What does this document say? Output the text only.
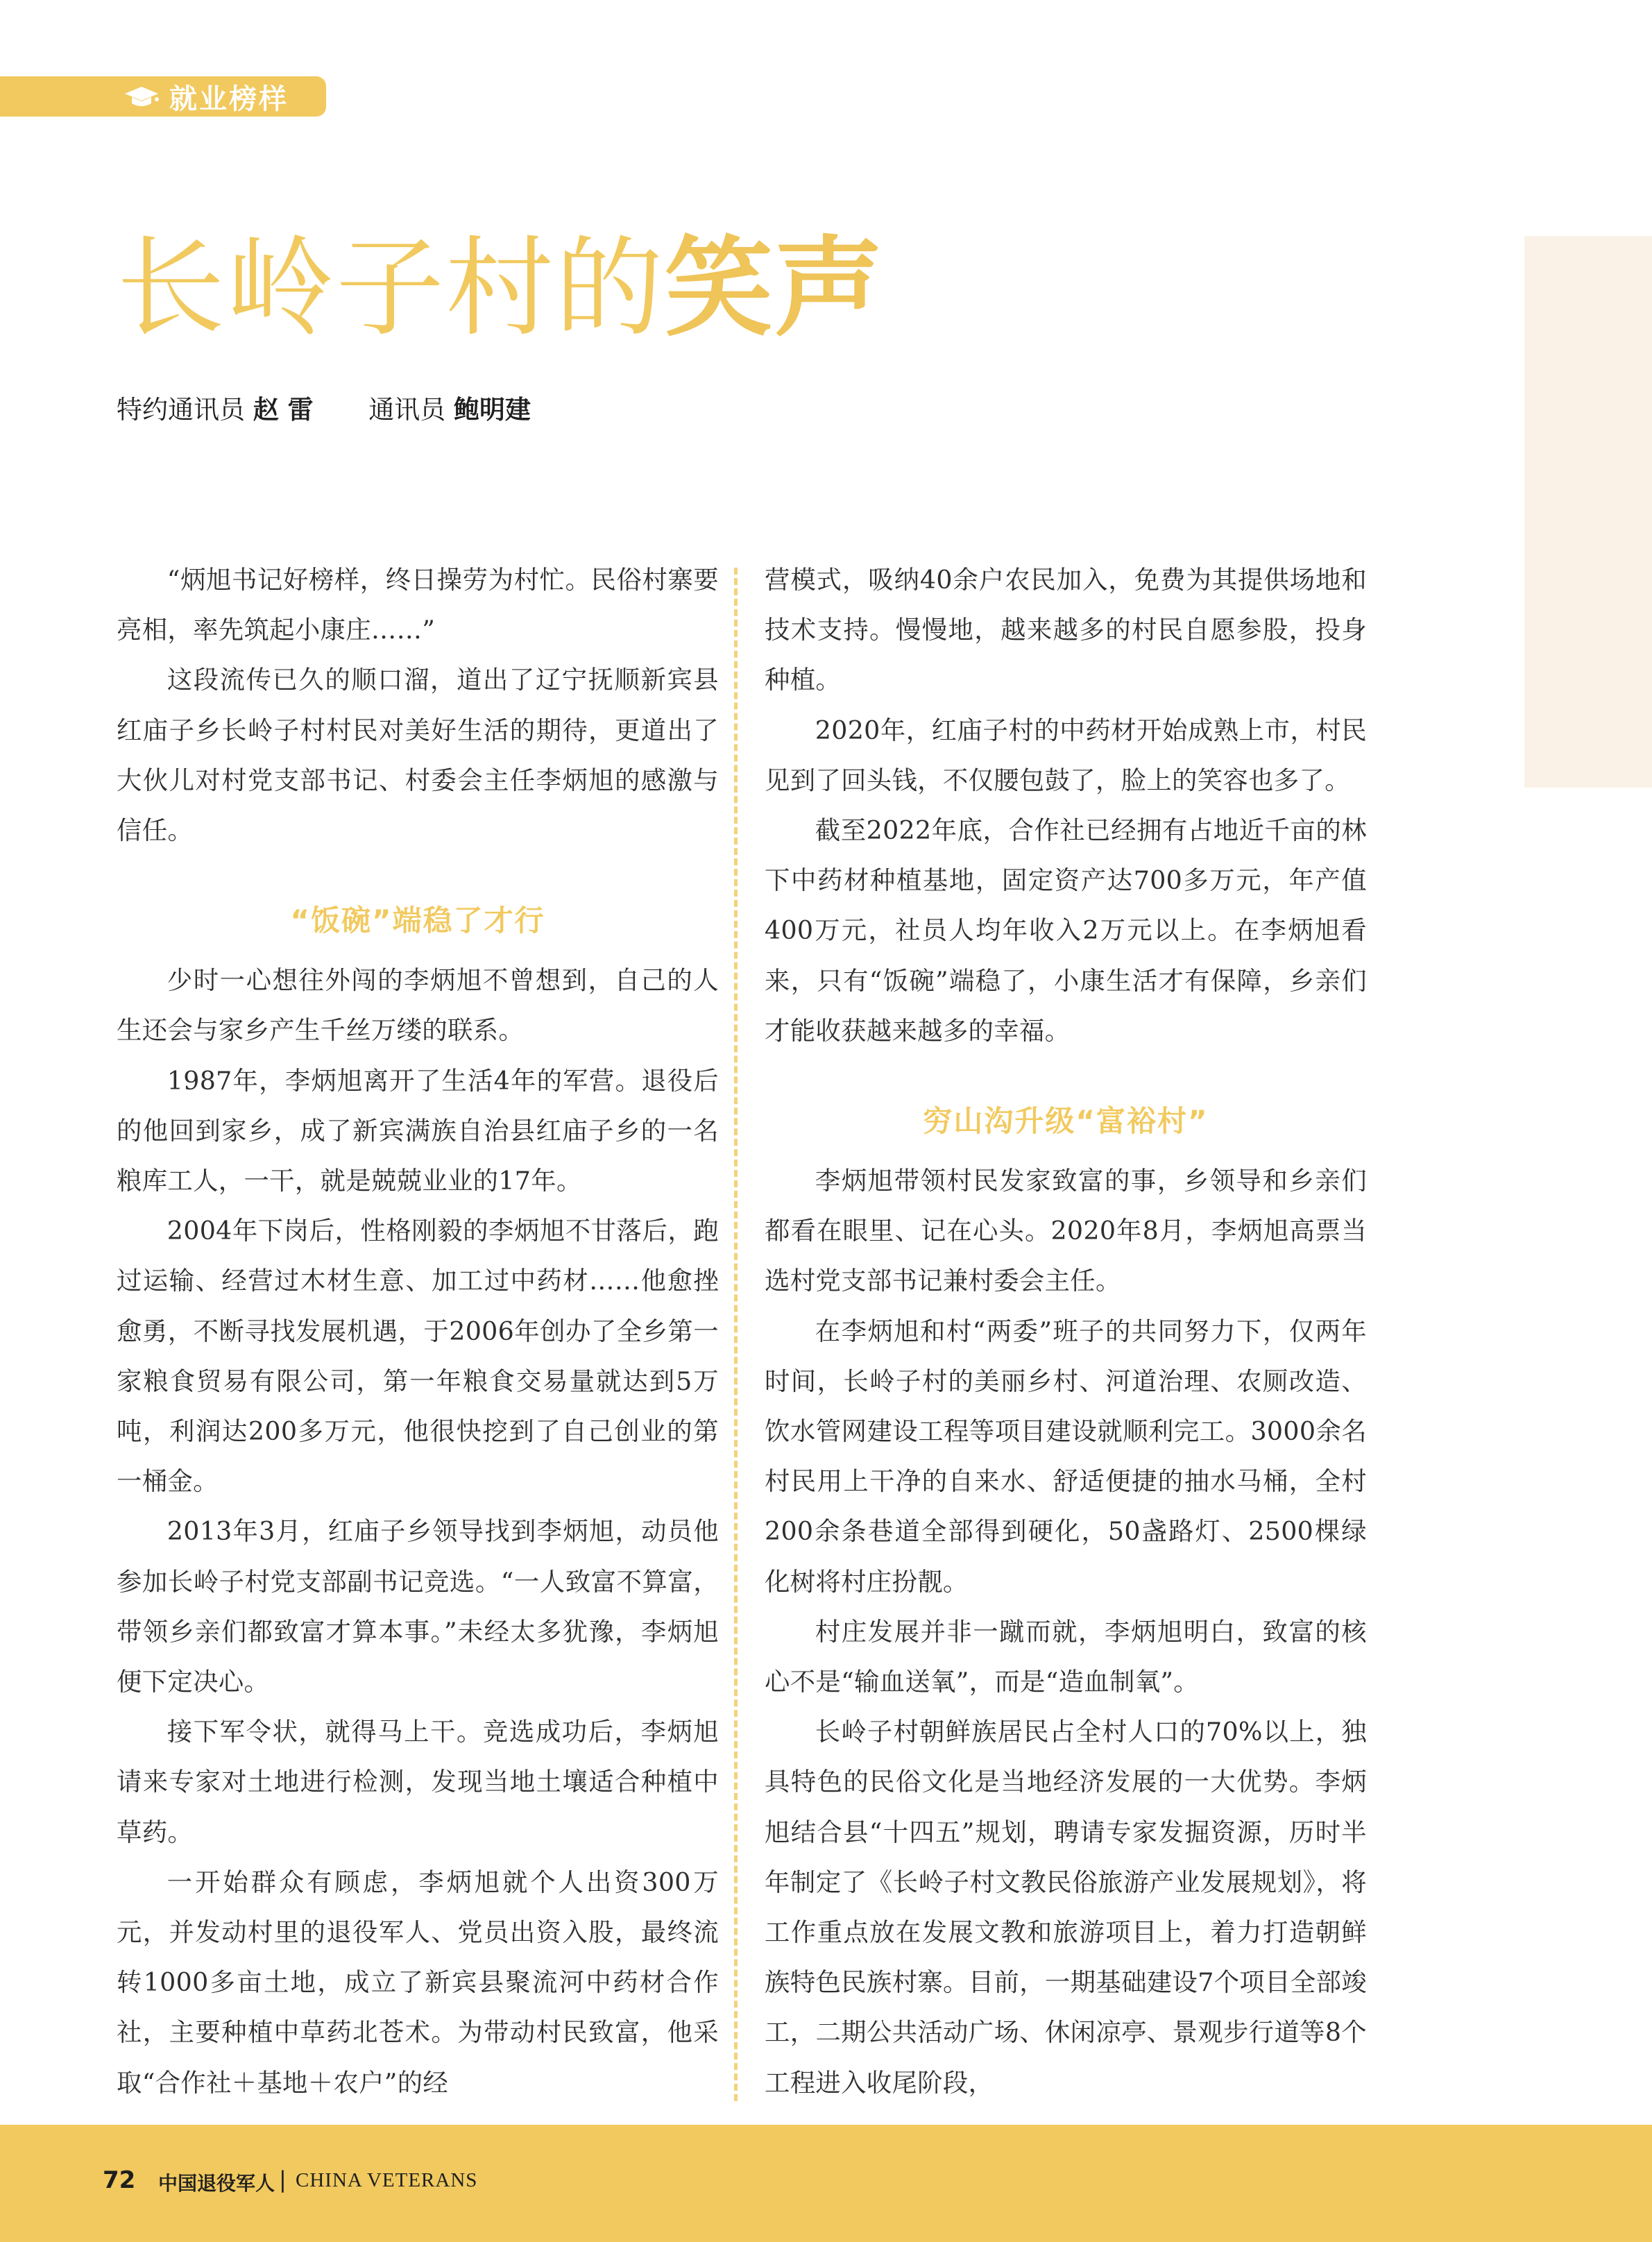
就业榜样
长岭子村的笑声
特约通讯员 赵 雷 通讯员 鲍明建

“炳旭书记好榜样，终日操劳为村忙。民俗村寨要亮相，率先筑起小康庄……”

这段流传已久的顺口溜，道出了辽宁抚顺新宾县红庙子乡长岭子村村民对美好生活的期待，更道出了大伙儿对村党支部书记、村委会主任李炳旭的感激与信任。

“饭碗”端稳了才行

少时一心想往外闯的李炳旭不曾想到，自己的人生还会与家乡产生千丝万缕的联系。

1987年，李炳旭离开了生活4年的军营。退役后的他回到家乡，成了新宾满族自治县红庙子乡的一名粮库工人，一干，就是兢兢业业的17年。

2004年下岗后，性格刚毅的李炳旭不甘落后，跑过运输、经营过木材生意、加工过中药材……他愈挫愈勇，不断寻找发展机遇，于2006年创办了全乡第一家粮食贸易有限公司，第一年粮食交易量就达到5万吨，利润达200多万元，他很快挖到了自己创业的第一桶金。

2013年3月，红庙子乡领导找到李炳旭，动员他参加长岭子村党支部副书记竞选。“一人致富不算富，带领乡亲们都致富才算本事。”未经太多犹豫，李炳旭便下定决心。

接下军令状，就得马上干。竞选成功后，李炳旭请来专家对土地进行检测，发现当地土壤适合种植中草药。

一开始群众有顾虑，李炳旭就个人出资300万元，并发动村里的退役军人、党员出资入股，最终流转1000多亩土地，成立了新宾县聚流河中药材合作社，主要种植中草药北苍术。为带动村民致富，他采取“合作社＋基地＋农户”的经

营模式，吸纳40余户农民加入，免费为其提供场地和技术支持。慢慢地，越来越多的村民自愿参股，投身种植。

2020年，红庙子村的中药材开始成熟上市，村民见到了回头钱，不仅腰包鼓了，脸上的笑容也多了。

截至2022年底，合作社已经拥有占地近千亩的林下中药材种植基地，固定资产达700多万元，年产值400万元，社员人均年收入2万元以上。在李炳旭看来，只有“饭碗”端稳了，小康生活才有保障，乡亲们才能收获越来越多的幸福。

穷山沟升级“富裕村”

李炳旭带领村民发家致富的事，乡领导和乡亲们都看在眼里、记在心头。2020年8月，李炳旭高票当选村党支部书记兼村委会主任。

在李炳旭和村“两委”班子的共同努力下，仅两年时间，长岭子村的美丽乡村、河道治理、农厕改造、饮水管网建设工程等项目建设就顺利完工。3000余名村民用上干净的自来水、舒适便捷的抽水马桶，全村200余条巷道全部得到硬化，50盏路灯、2500棵绿化树将村庄扮靓。

村庄发展并非一蹴而就，李炳旭明白，致富的核心不是“输血送氧”，而是“造血制氧”。

长岭子村朝鲜族居民占全村人口的70%以上，独具特色的民俗文化是当地经济发展的一大优势。李炳旭结合县“十四五”规划，聘请专家发掘资源，历时半年制定了《长岭子村文教民俗旅游产业发展规划》，将工作重点放在发展文教和旅游项目上，着力打造朝鲜族特色民族村寨。目前，一期基础建设7个项目全部竣工，二期公共活动广场、休闲凉亭、景观步行道等8个工程进入收尾阶段，

72 中国退役军人 | CHINA VETERANS
